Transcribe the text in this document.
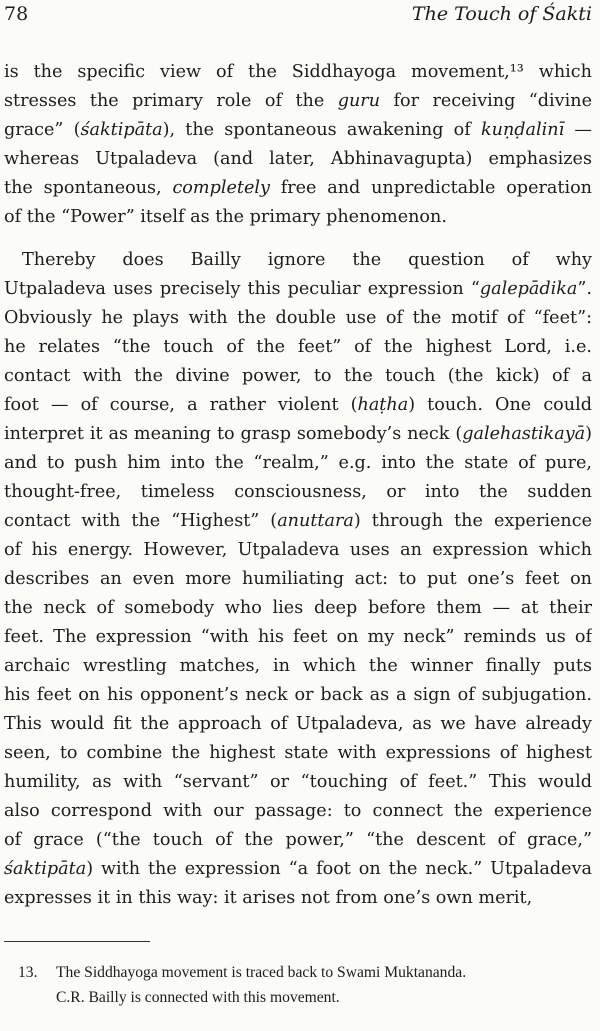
78	The Touch of Śakti
is the specific view of the Siddhayoga movement,¹³ which
stresses the primary role of the guru for receiving “divine
grace” (śaktipāta), the spontaneous awakening of kuṇḍalinī —
whereas Utpaladeva (and later, Abhinavagupta) emphasizes
the spontaneous, completely free and unpredictable operation
of the “Power” itself as the primary phenomenon.
Thereby does Bailly ignore the question of why
Utpaladeva uses precisely this peculiar expression “galepādika”.
Obviously he plays with the double use of the motif of “feet”:
he relates “the touch of the feet” of the highest Lord, i.e.
contact with the divine power, to the touch (the kick) of a
foot — of course, a rather violent (haṭha) touch. One could
interpret it as meaning to grasp somebody’s neck (galehastikayā)
and to push him into the “realm,” e.g. into the state of pure,
thought-free, timeless consciousness, or into the sudden
contact with the “Highest” (anuttara) through the experience
of his energy. However, Utpaladeva uses an expression which
describes an even more humiliating act: to put one’s feet on
the neck of somebody who lies deep before them — at their
feet. The expression “with his feet on my neck” reminds us of
archaic wrestling matches, in which the winner finally puts
his feet on his opponent’s neck or back as a sign of subjugation.
This would fit the approach of Utpaladeva, as we have already
seen, to combine the highest state with expressions of highest
humility, as with “servant” or “touching of feet.” This would
also correspond with our passage: to connect the experience
of grace (“the touch of the power,” “the descent of grace,”
śaktipāta) with the expression “a foot on the neck.” Utpaladeva
expresses it in this way: it arises not from one’s own merit,
13. The Siddhayoga movement is traced back to Swami Muktananda.
C.R. Bailly is connected with this movement.
